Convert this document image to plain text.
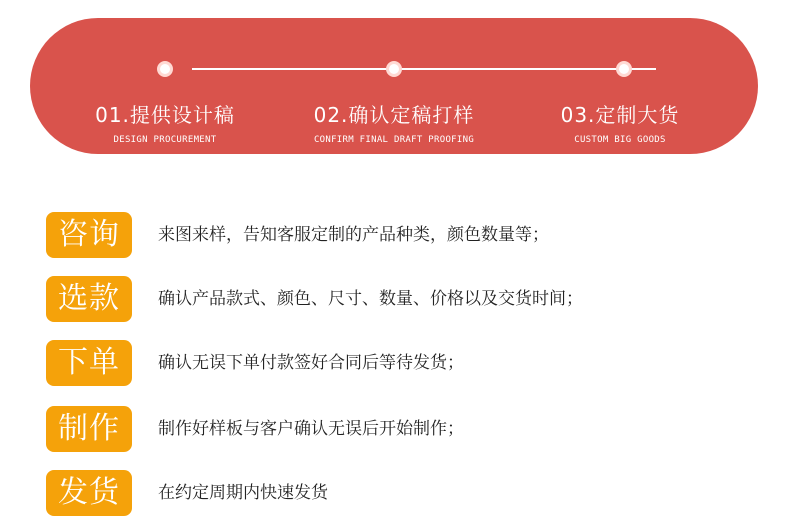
01.提供设计稿
DESIGN PROCUREMENT
02.确认定稿打样
CONFIRM FINAL DRAFT PROOFING
03.定制大货
CUSTOM BIG GOODS
咨询	来图来样，告知客服定制的产品种类，颜色数量等；
选款	确认产品款式、颜色、尺寸、数量、价格以及交货时间；
下单	确认无误下单付款签好合同后等待发货；
制作	制作好样板与客户确认无误后开始制作；
发货	在约定周期内快速发货
